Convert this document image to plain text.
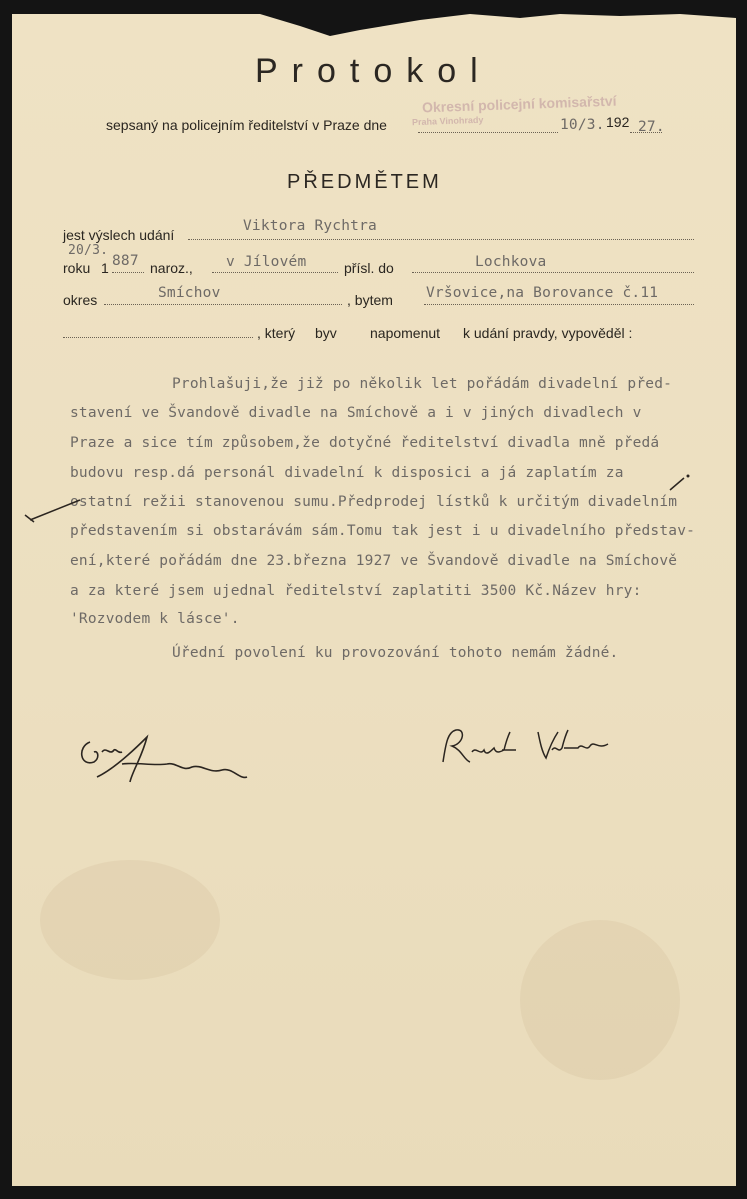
Protokol
Okresní policejní komisařství
Praha Vinohrady
sepsaný na policejním ředitelství v Praze dne	10/3. 192 27.
PŘEDMĚTEM
jest výslech udání
Viktora Rychtra
20/3.
roku 1 887 naroz., v Jílovém	přísl. do	Lochkova
okres	Smíchov	, bytem Vršovice,na Borovance č.11
, který byv napomenut k udání pravdy, vypověděl :
Prohlašuji,že již po několik let pořádám divadelní před-
stavení ve Švandově divadle na Smíchově a i v jiných divadlech v
Praze a sice tím způsobem,že dotyčné ředitelství divadla mně předá
budovu resp.dá personál divadelní k disposici a já zaplatím za
ostatní režii stanovenou sumu.Předprodej lístků k určitým divadelním
představením si obstarávám sám.Tomu tak jest i u divadelního představ-
ení,které pořádám dne 23.března 1927 ve Švandově divadle na Smíchově
a za které jsem ujednal ředitelství zaplatiti 3500 Kč.Název hry:
'Rozvodem k lásce'.
Úřední povolení ku provozování tohoto nemám žádné.
